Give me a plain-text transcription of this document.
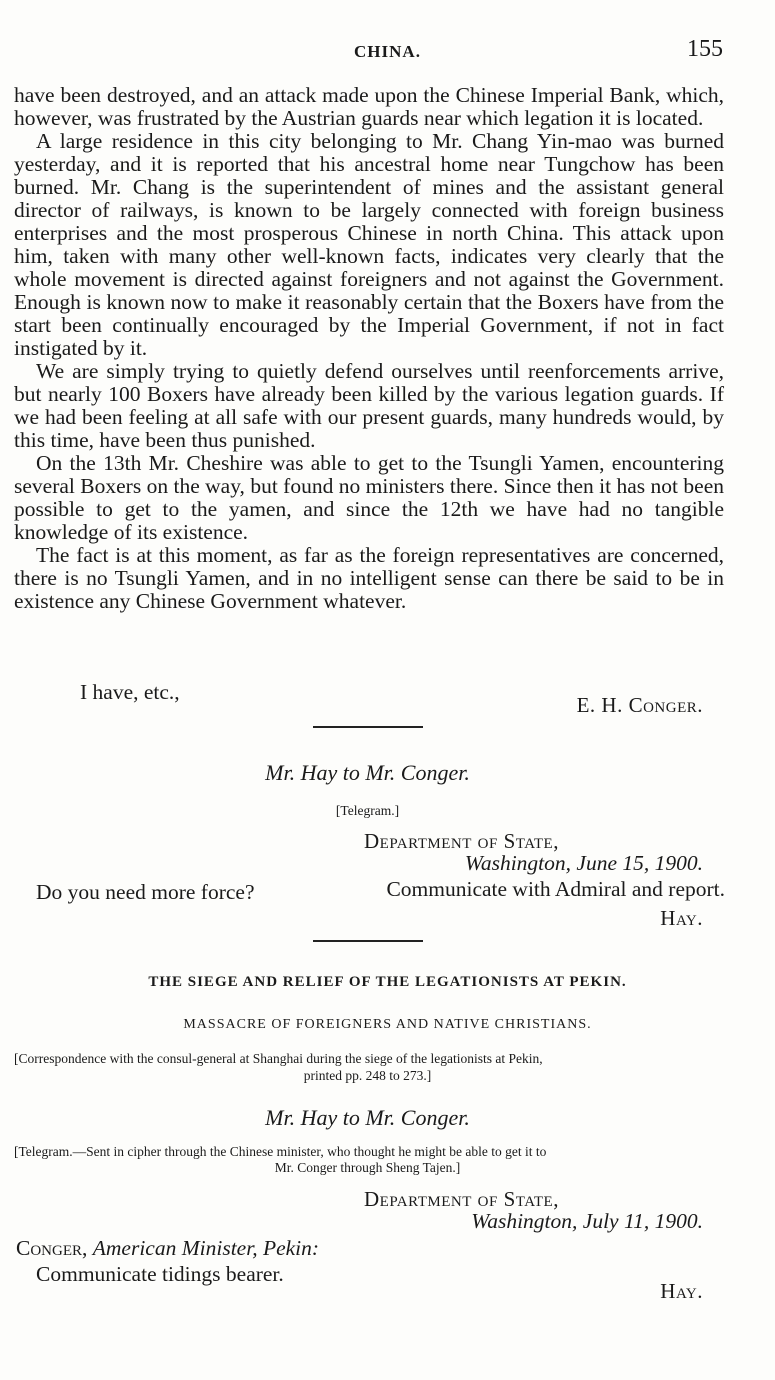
CHINA.	155

have been destroyed, and an attack made upon the Chinese Imperial Bank, which, however, was frustrated by the Austrian guards near which legation it is located.

A large residence in this city belonging to Mr. Chang Yin-mao was burned yesterday, and it is reported that his ancestral home near Tungchow has been burned. Mr. Chang is the superintendent of mines and the assistant general director of railways, is known to be largely connected with foreign business enterprises and the most prosperous Chinese in north China. This attack upon him, taken with many other well-known facts, indicates very clearly that the whole movement is directed against foreigners and not against the Government. Enough is known now to make it reasonably certain that the Boxers have from the start been continually encouraged by the Imperial Government, if not in fact instigated by it.

We are simply trying to quietly defend ourselves until reenforcements arrive, but nearly 100 Boxers have already been killed by the various legation guards. If we had been feeling at all safe with our present guards, many hundreds would, by this time, have been thus punished.

On the 13th Mr. Cheshire was able to get to the Tsungli Yamen, encountering several Boxers on the way, but found no ministers there. Since then it has not been possible to get to the yamen, and since the 12th we have had no tangible knowledge of its existence.

The fact is at this moment, as far as the foreign representatives are concerned, there is no Tsungli Yamen, and in no intelligent sense can there be said to be in existence any Chinese Government whatever.

I have, etc.,
E. H. Conger.
Mr. Hay to Mr. Conger.
[Telegram.]
Department of State,
Washington, June 15, 1900.
Do you need more force?	Communicate with Admiral and report.
Hay.
THE SIEGE AND RELIEF OF THE LEGATIONISTS AT PEKIN.
MASSACRE OF FOREIGNERS AND NATIVE CHRISTIANS.
[Correspondence with the consul-general at Shanghai during the siege of the legationists at Pekin,
printed pp. 248 to 273.]
Mr. Hay to Mr. Conger.
[Telegram.—Sent in cipher through the Chinese minister, who thought he might be able to get it to
Mr. Conger through Sheng Tajen.]
Department of State,
Washington, July 11, 1900.
Conger, American Minister, Pekin:
Communicate tidings bearer.
Hay.
